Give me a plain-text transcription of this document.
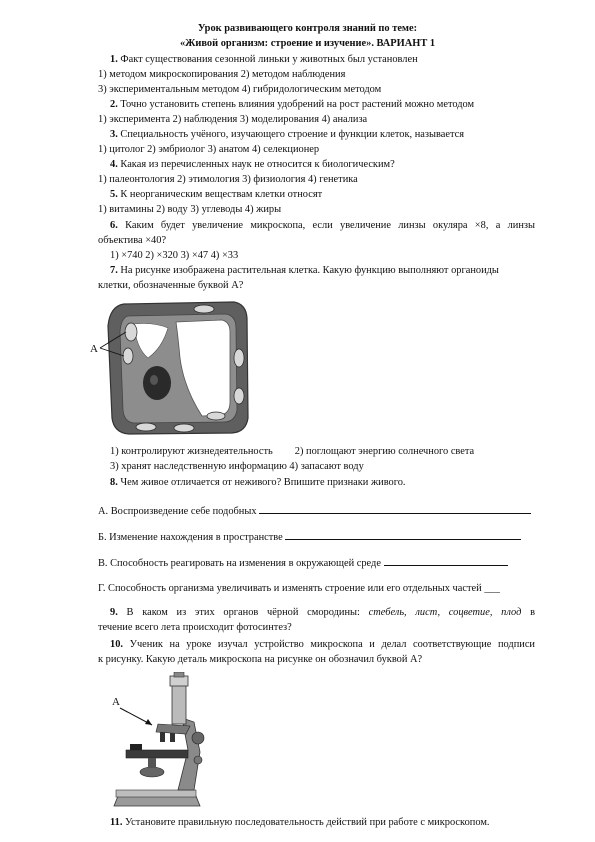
Урок развивающего контроля знаний по теме:
«Живой организм: строение и изучение». ВАРИАНТ 1
1. Факт существования сезонной линьки у животных был установлен
1) методом микроскопирования 2) методом наблюдения
3) экспериментальным методом 4) гибридологическим методом
2. Точно установить степень влияния удобрений на рост растений можно методом
1) эксперимента 2) наблюдения 3) моделирования 4) анализа
3. Специальность учёного, изучающего строение и функции клеток, называется
1) цитолог 2) эмбриолог 3) анатом 4) селекционер
4. Какая из перечисленных наук не относится к биологическим?
1) палеонтология 2) этимология 3) физиология 4) генетика
5. К неорганическим веществам клетки относят
1) витамины 2) воду 3) углеводы 4) жиры
6. Каким будет увеличение микроскопа, если увеличение линзы окуляра ×8, а линзы
объектива ×40?
1) ×740 2) ×320 3) ×47 4) ×33
7. На рисунке изображена растительная клетка. Какую функцию выполняют органоиды
клетки, обозначенные буквой А?
А
1) контролируют жизнедеятельность 2) поглощают энергию солнечного света
3) хранят наследственную информацию 4) запасают воду
8. Чем живое отличается от неживого? Впишите признаки живого.
А. Воспроизведение себе подобных
Б. Изменение нахождения в пространстве
В. Способность реагировать на изменения в окружающей среде
Г. Способность организма увеличивать и изменять строение или его отдельных частей ___
9. В каком из этих органов чёрной смородины: стебель, лист, соцветие, плод в
течение всего лета происходит фотосинтез?
10. Ученик на уроке изучал устройство микроскопа и делал соответствующие подписи
к рисунку. Какую деталь микроскопа на рисунке он обозначил буквой А?
А
11. Установите правильную последовательность действий при работе с микроскопом.
